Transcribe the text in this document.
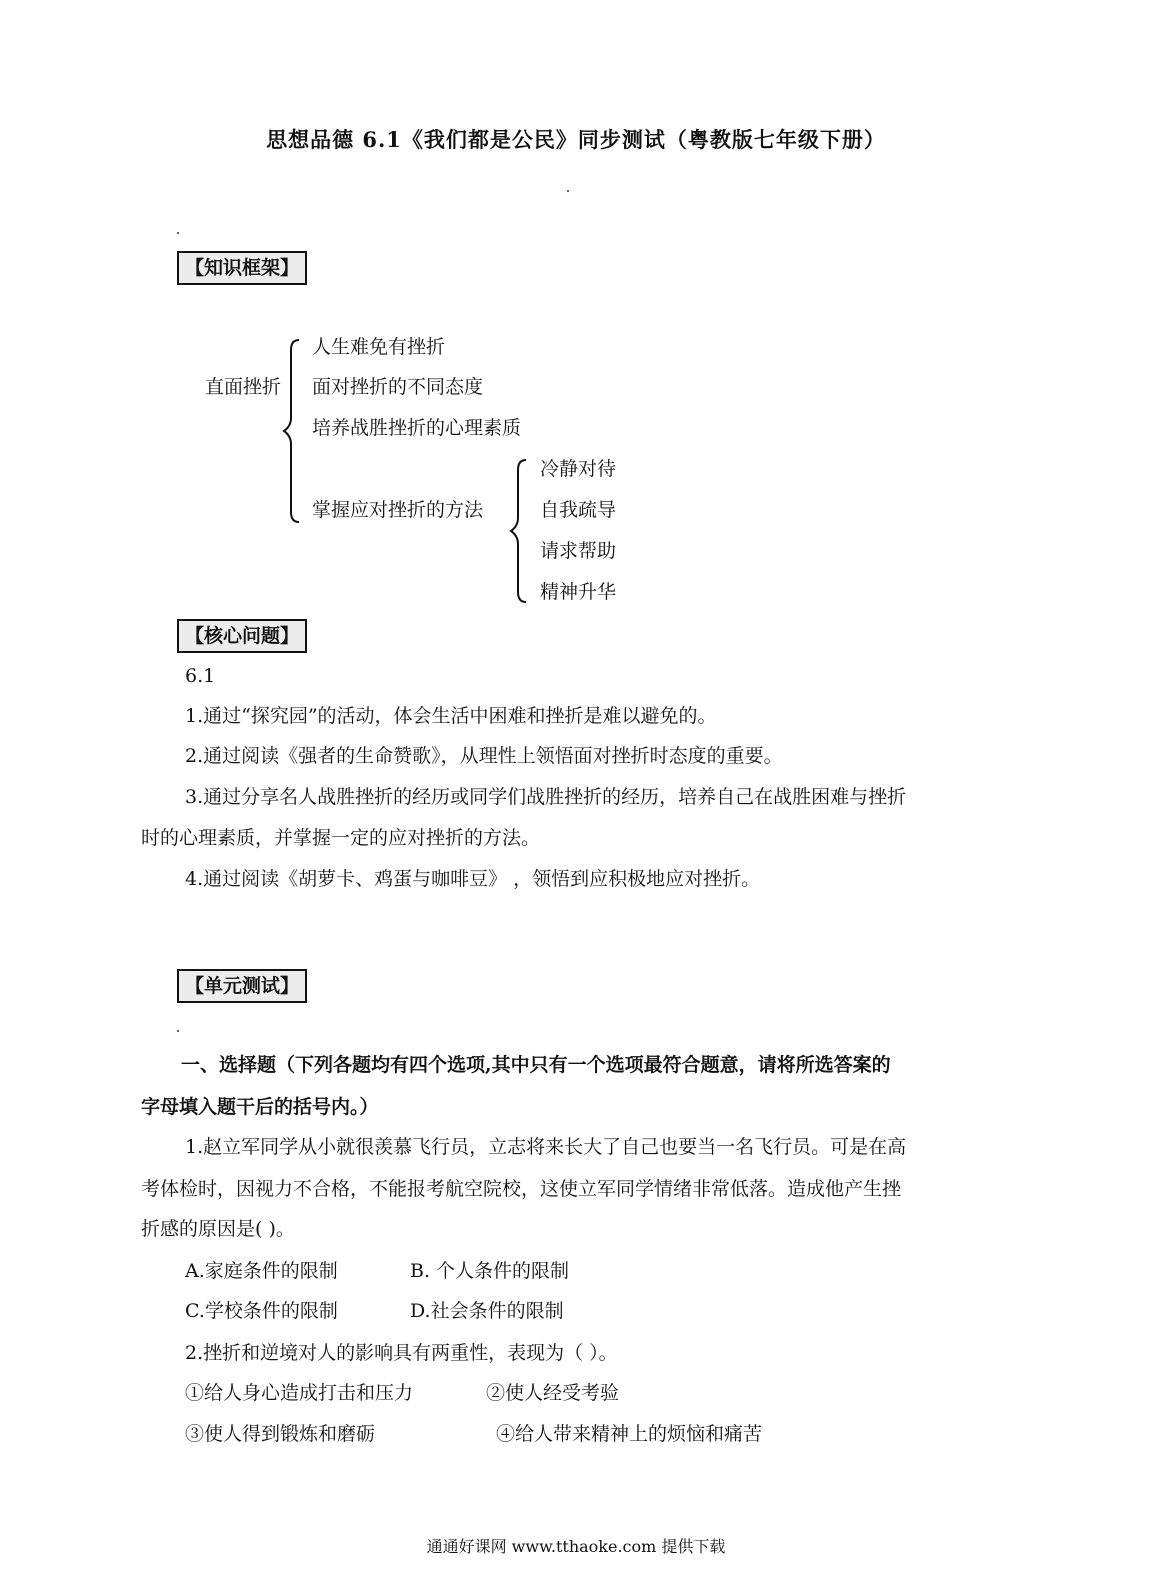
思想品德 6.1《我们都是公民》同步测试（粤教版七年级下册）
【知识框架】
直面挫折
人生难免有挫折
面对挫折的不同态度
培养战胜挫折的心理素质
掌握应对挫折的方法
冷静对待
自我疏导
请求帮助
精神升华
【核心问题】
6.1
1.通过“探究园”的活动，体会生活中困难和挫折是难以避免的。
2.通过阅读《强者的生命赞歌》，从理性上领悟面对挫折时态度的重要。
3.通过分享名人战胜挫折的经历或同学们战胜挫折的经历，培养自己在战胜困难与挫折
时的心理素质，并掌握一定的应对挫折的方法。
4.通过阅读《胡萝卡、鸡蛋与咖啡豆》 ，领悟到应积极地应对挫折。
【单元测试】
一、选择题（下列各题均有四个选项,其中只有一个选项最符合题意，请将所选答案的
字母填入题干后的括号内。）
1.赵立军同学从小就很羡慕飞行员，立志将来长大了自己也要当一名飞行员。可是在高
考体检时，因视力不合格，不能报考航空院校，这使立军同学情绪非常低落。造成他产生挫
折感的原因是( )。
A.家庭条件的限制	B. 个人条件的限制
C.学校条件的限制	D.社会条件的限制
2.挫折和逆境对人的影响具有两重性，表现为（ ）。
①给人身心造成打击和压力	②使人经受考验
③使人得到锻炼和磨砺	④给人带来精神上的烦恼和痛苦
通通好课网 www.tthaoke.com 提供下载
